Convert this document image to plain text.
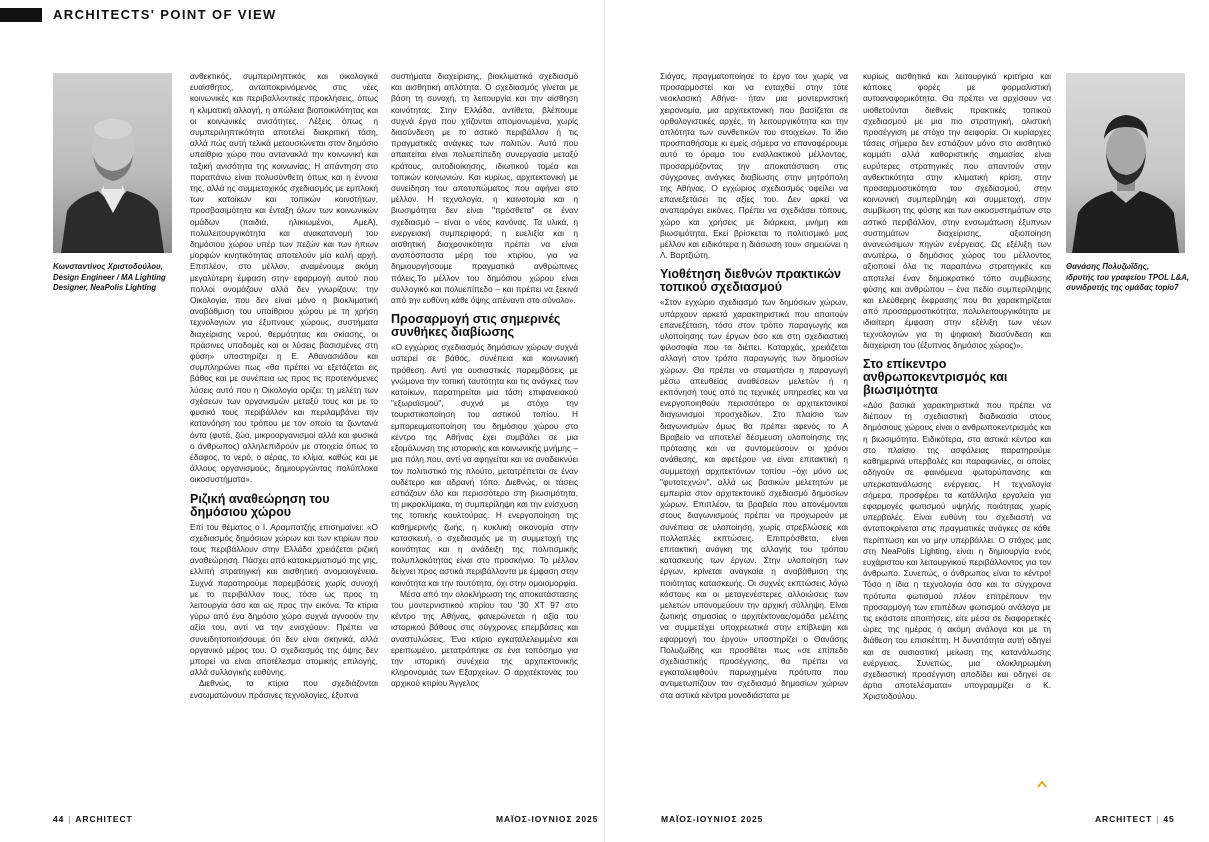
ARCHITECTS' POINT OF VIEW
Κωνσταντίνος Χριστοδούλου,
Design Engineer / MA Lighting
Designer, NeaPolis Lighting

ανθεκτικός, συμπεριληπτικός και οικολογικά ευαίσθητος, ανταποκρινόμενος στις νέες κοινωνικές και περιβαλλοντικές προκλήσεις, όπως η κλιματική αλλαγή, η απώλεια βιοποικιλότητας και οι κοινωνικές ανισότητες. Λέξεις όπως η συμπεριληπτικότητα αποτελεί διακριτική τάση, αλλά πώς αυτή τελικά μετουσιώνεται στον δημόσιο υπαίθριο χώρο που αντανακλά την κοινωνική και ταξική ανισότητα της κοινωνίας; Η απάντηση στο παραπάνω είναι πολυσύνθετη όπως και η έννοια της, αλλά ης συμμετοχικός σχεδιασμός με εμπλοκή των κατοίκων και τοπικών κοινοτήτων, προσβασιμότητα και ένταξη όλων των κοινωνικών ομάδων (παιδιά, ηλικιωμένοι, ΑμεΑ), πολυλειτουργικότητα και ανακατανομή του δημόσιου χώρου υπέρ των πεζών και των ήπιων μορφών κινητικότητας αποτελούν μία καλή αρχή. Επιπλέον, στο μέλλον, αναμένουμε ακόμη μεγαλύτερη έμφαση στην εφαρμογή αυτού που πολλοί ονομάζουν αλλά δεν γνωρίζουν: την Οικολογία, που δεν είναι μόνο η βιοκλιματική αναβάθμιση του υπαίθριου χώρου με τη χρήση τεχνολογιών για έξυπνους χώρους, συστήματα διαχείρισης νερού, θερμότητας και σκίασης, οι πράσινες υποδομές και οι λύσεις βασισμένες στη φύση» υποστηρίζει η Ε. Αθανασιάδου και συμπληρώνει πως «θα πρέπει να εξετάζεται εις βάθος και με συνέπεια ως προς τις προτεινόμενες λύσεις αυτό που η Οικολογία ορίζει: τη μελέτη των σχέσεων των οργανισμών μεταξύ τους και με το φυσικό τους περιβάλλον και περιλαμβάνει την κατανόηση του τρόπου με τον οποίο τα ζωντανά όντα (φυτά, ζώα, μικροοργανισμοί αλλά και φυσικά ο άνθρωπος) αλληλεπιδρούν με στοιχεία όπως το έδαφος, το νερό, ο αέρας, το κλίμα, καθώς και με άλλους οργανισμούς, δημιουργώντας πολύπλοκα οικοσυστήματα».

Ριζική αναθεώρηση του δημόσιου χώρου

Επί του θέματος ο Ι. Αραμπατζής επισημαίνει: «Ο σχεδιασμός δημόσιων χώρων και των κτιρίων που τους περιβάλλουν στην Ελλάδα χρειάζεται ριζική αναθεώρηση. Πάσχει από κατακερματισμό της γης, ελλιπή στρατηγική και αισθητική ανομοιογένεια. Συχνά παρατηρούμε παρεμβάσεις χωρίς συνοχή με το περιβάλλον τους, τόσο ως προς τη λειτουργία όσο και ως προς την εικόνα. Τα κτίρια γύρω από ένα δημόσιο χώρο συχνά αγνοούν την αξία του, αντί να την ενισχύουν. Πρέπει να συνειδητοποιήσουμε ότι δεν είναι σκηνικά, αλλά οργανικό μέρος του. Ο σχεδιασμός της όψης δεν μπορεί να είναι αποτέλεσμα ατομικής επιλογής, αλλά συλλογικής ευθύνης.

Διεθνώς, τα κτίρια που σχεδιάζονται ενσωματώνουν πράσινες τεχνολογίες, έξυπνα

συστήματα διαχείρισης, βιοκλιματικό σχεδιασμό και αισθητική απλότητα. Ο σχεδιασμός γίνεται με βάση τη συνοχή, τη λειτουργία και την αίσθηση κοινότητας. Στην Ελλάδα, αντίθετα, βλέπουμε συχνά έργα που χτίζονται απομονωμένα, χωρίς διασύνδεση με το αστικό περιβάλλον ή τις πραγματικές ανάγκες των πολιτών. Αυτό που απαιτείται είναι πολυεπίπεδη συνεργασία μεταξύ κράτους, αυτοδιοίκησης, ιδιωτικού τομέα και τοπικών κοινωνιών. Και κυρίως, αρχιτεκτονική με συνείδηση του αποτυπώματος που αφήνει στο μέλλον. Η τεχνολογία, η καινοτομία και η βιωσιμότητα δεν είναι "πρόσθετα" σε έναν σχεδιασμό – είναι ο νέος κανόνας. Τα υλικά, η ενεργειακή συμπεριφορά, η ευελιξία και η αισθητική διαχρονικότητα πρέπει να είναι αναπόσπαστα μέρη του κτιρίου, για να δημιουργήσουμε πραγματικά ανθρώπινες πόλεις.Το μέλλον του δημόσιου χώρου είναι συλλογικό και πολυεπίπεδο – και πρέπει να ξεκινά από την ευθύνη κάθε όψης απέναντι στο σύνολο».

Προσαρμογή στις σημερινές συνθήκες διαβίωσης

«Ο εγχώριος σχεδιασμός δημόσιων χώρων συχνά υστερεί σε βάθος, συνέπεια και κοινωνική πρόθεση. Αντί για ουσιαστικές παρεμβάσεις με γνώμονα την τοπική ταυτότητα και τις ανάγκες των κατοίκων, παρατηρείται μια τάση επιφανειακού "εξωραϊσμού", συχνά με στόχο την τουριστικοποίηση του αστικού τοπίου. Η εμπορευματοποίηση του δημόσιου χώρου στο κέντρο της Αθήνας έχει συμβάλει σε μια εξομάλυνση της ιστορικής και κοινωνικής μνήμης – μια πόλη που, αντί να αφηγείται και να αναδεικνύει τον πολιτιστικό της πλούτο, μετατρέπεται σε έναν ουδέτερο και αδρανή τόπο. Διεθνώς, οι τάσεις εστιάζουν όλο και περισσότερο στη βιωσιμότητα, τη μικροκλίμακα, τη συμπερίληψη και την ενίσχυση της τοπικής κουλτούρας. Η ενεργοποίηση της καθημερινής ζωής, η κυκλική οικονομία στην κατασκευή, ο σχεδιασμός με τη συμμετοχή της κοινότητας και η ανάδειξη της πολιτισμικής πολυπλοκότητας είναι στο προσκήνιο. Το μέλλον δείχνει προς αστικά περιβάλλοντα με έμφαση στην κοινότητα και την ταυτότητα, όχι στην ομοιομορφία.

Μέσα από την ολοκλήρωση της αποκατάστασης του μοντερνιστικού κτιρίου του '30 ΧΤ 97 στο κέντρο της Αθήνας, φανερώνεται η αξία του ιστορικού βάθους στις σύγχρονες επεμβάσεις και αναστυλώσεις. Ένα κτίριο εγκαταλελειμμένο και ερειπωμένο, μετατράπηκε σε ένα τοπόσημο για την ιστορική συνέχεια της αρχιτεκτονικής κληρονομιάς των Εξαρχείων. Ο αρχιτέκτονας του αρχικού κτιρίου Άγγελος

44 | ARCHITECT	ΜΑΪΟΣ-ΙΟΥΝΙΟΣ 2025

Σιάγας, πραγματοποίησε το έργο του χωρίς να προσαρμοστεί και να ενταχθεί στην τότε νεοκλασική Αθήνα· ήταν μια μοντερνιστική χειρονομία, μια αρχιτεκτονική που βασίζεται σε ορθολογιστικές αρχές, τη λειτουργικότητα και την απλότητα των συνθετικών του στοιχείων. Το ίδιο προσπαθήσαμε κι εμείς σήμερα να επαναφέρουμε αυτό το όραμα του εναλλακτικού μέλλοντος, προσαρμόζοντας την αποκατάσταση στις σύγχρονες ανάγκες διαβίωσης στην μητρόπολη της Αθήνας. Ο εγχώριος σχεδιασμός οφείλει να επανεξετάσει τις αξίες του. Δεν αρκεί να αναπαράγει εικόνες. Πρέπει να σχεδιάσει τόπους, χώρο και χρήσεις με διάρκεια, μνήμη και βιωσιμότητα. Εκεί βρίσκεται το πολιτισμικό μας μέλλον και ειδικότερα η διάσωση του» σημειώνει η Λ. Βαρτζιώτη.

Υιοθέτηση διεθνών πρακτικών τοπικού σχεδιασμού

«Στον εγχώριο σχεδιασμό των δημόσιων χώρων, υπάρχουν αρκετά χαρακτηριστικά που απαιτούν επανεξέταση, τόσο στον τρόπο παραγωγής και υλοποίησης των έργων όσο και στη σχεδιαστική φιλοσοφία που τα διέπει. Καταρχάς, χρειάζεται αλλαγή στον τρόπο παραγωγής των δημοσίων χώρων. Θα πρέπει να σταματήσει η παραγωγή μέσω απευθείας αναθέσεων μελετών ή η εκπόνησή τους από τις τεχνικές υπηρεσίες και να ενεργοποιηθούν περισσότερο οι αρχιτεκτονικοί διαγωνισμοί προσχεδίων. Στο πλαίσιο των διαγωνισμών όμως θα πρέπει αφενός το Α Βραβείο να αποτελεί δέσμευση υλοποίησης της πρότασης και να συντομεύσουν οι χρόνοι ανάθεσης, και αφετέρου να είναι επιτακτική η συμμετοχή αρχιτεκτόνων τοπίου –όχι μόνο ως "φυτοτεχνών", αλλά ως βασικών μελετητών με εμπειρία στον αρχιτεκτονικό σχεδιασμό δημοσίων χώρων. Επιπλέον, τα βραβεία που απονέμονται στους διαγωνισμούς πρέπει να προχωρούν με συνέπεια σε υλοποίηση, χωρίς στρεβλώσεις και πολλαπλές εκπτώσεις. Επιπρόσθετα, είναι επιτακτική ανάγκη της αλλαγής του τρόπου κατασκευής των έργων. Στην υλοποίηση των έργων, κρίνεται αναγκαία η αναβάθμιση της ποιότητας κατασκευής. Οι συχνές εκπτώσεις λόγω κόστους και οι μεταγενέστερες αλλοιώσεις των μελετών υπονομεύουν την αρχική σύλληψη. Είναι ζωτικής σημασίας ο αρχιτέκτονας/ομάδα μελέτης να συμμετέχει υποχρεωτικά στην επίβλεψη και εφαρμογή του έργου» υποστηρίζει ο Θανάσης Πολυζωΐδης και προσθέτει πως «σε επίπεδο σχεδιαστικής προσέγγισης, θα πρέπει να εγκαταλειφθούν παρωχημένα πρότυπα που αντιμετωπίζουν τον σχεδιασμό δημοσίων χώρων στα αστικά κέντρα μονοδιάστατα με

κυρίως αισθητικά και λειτουργικά κριτήρια και κάποιες φορές με φορμαλιστική αυτοαναφορικότητα. Θα πρέπει να αρχίσουν να υιοθετούνται διεθνείς πρακτικές τοπικού σχεδιασμού με μια πιο στρατηγική, ολιστική προσέγγιση με στόχο την αειφορία. Οι κυρίαρχες τάσεις σήμερα δεν εστιάζουν μόνο στο αισθητικό κομμάτι αλλά καθοριστικής σημασίας είναι ευρύτερες στρατηγικές που απαντούν στην ανθεκτικότητα στην κλιματική κρίση, στην προσαρμοστικότητα του σχεδιασμού, στην κοινωνική συμπερίληψη και συμμετοχή, στην συμβίωση της φύσης και των οικοσυστημάτων στο αστικό περιβάλλον, στην ενσωμάτωση έξυπνων συστημάτων διαχείρισης, αξιοποίηση ανανεώσιμων πηγών ενέργειας. Ως εξέλιξη των ανωτέρω, ο δημόσιος χώρος του μέλλοντος αξιοποιεί όλα τις παραπάνω στρατηγικές και αποτελεί έναν δημοκρατικό τόπο συμβίωσης φύσης και ανθρώπου – ένα πεδίο συμπερίληψης και ελεύθερης έκφρασης που θα χαρακτηρίζεται από προσαρμοστικότητα, πολυλειτουργικότητα με ιδιαίτερη έμφαση στην εξέλιξη των νέων τεχνολογιών για τη ψηφιακή διασύνδεση και διαχείριση του (έξυπνος δημόσιος χώρος)».

Στο επίκεντρο ανθρωποκεντρισμός και βιωσιμότητα

«Δύο βασικά χαρακτηριστικά που πρέπει να διέπουν τη σχεδιαστική διαδικασία στους δημόσιους χώρους είναι ο ανθρωποκεντρισμός και η βιωσιμότητα. Ειδικότερα, στα αστικά κέντρα και στο πλαίσιο της ασφάλειας παρατηρούμε καθημερινά υπερβολές και παραφωνίες, οι οποίες οδηγούν σε φαινόμενα φωτορύπανσης και υπερκατανάλωσης ενέργειας. Η τεχνολογία σήμερα, προσφέρει τα κατάλληλα εργαλεία για εφαρμογές φωτισμού υψηλής ποιότητας χωρίς υπερβολές. Είναι ευθύνη του σχεδιαστή να ανταποκρίνεται στις πραγματικές ανάγκες σε κάθε περίπτωση και να μην υπερβάλλει. Ο στόχος μας στη NeaPolis Lighting, είναι η δημιουργία ενός ευχάριστου και λειτουργικού περιβάλλοντος για τον άνθρωπο. Συνεπώς, ο άνθρωπος είναι το κέντρο! Τόσο η ίδια η τεχνολογία όσο και τα σύγχρονα πρότυπα φωτισμού πλέον επιτρέπουν την προσαρμογή των επιπέδων φωτισμού ανάλογα με τις εκάστοτε απαιτήσεις, είτε μέσα σε διαφορετικές ώρες της ημέρας ή ακόμη ανάλογα και με τη διάθεση του επισκέπτη. Η δυνατότητα αυτή οδηγεί και σε ουσιαστική μείωση της κατανάλωσης ενέργειας. Συνεπώς, μια ολοκληρωμένη σχεδιαστική προσέγγιση αποδίδει και οδηγεί σε άρτια αποτελέσματα» υπογραμμίζει ο Κ. Χριστοδούλου.

Θανάσης Πολυζωΐδης,
ιδρυτής του γραφείου TPOL L&A,
συνιδρυτής της ομάδας topio7
ΜΑΪΟΣ-ΙΟΥΝΙΟΣ 2025	ARCHITECT | 45
